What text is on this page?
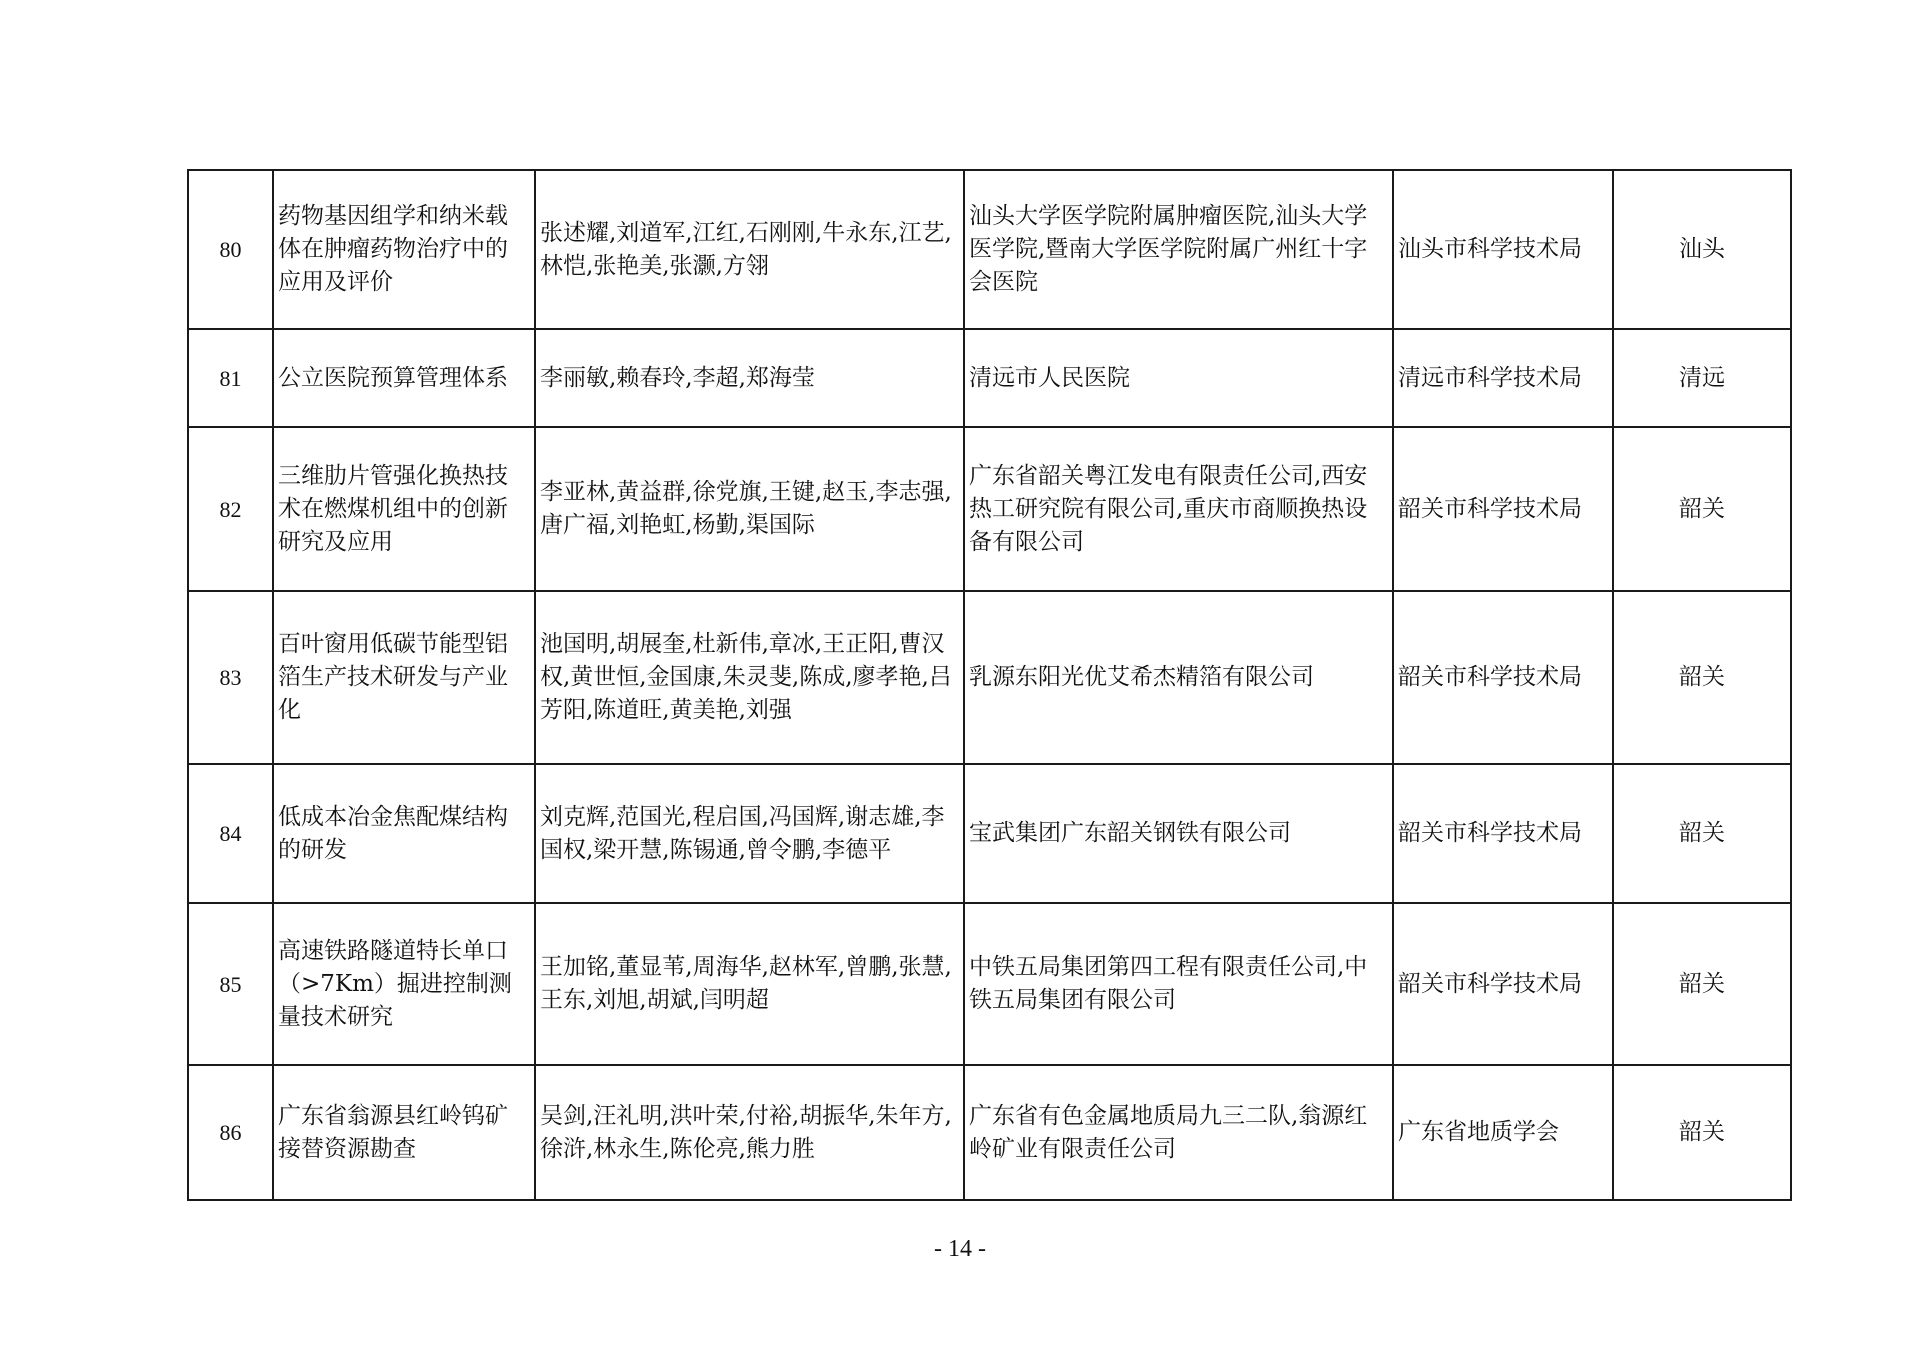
80	药物基因组学和纳米载体在肿瘤药物治疗中的应用及评价	张述耀,刘道军,江红,石刚刚,牛永东,江艺,林恺,张艳美,张灏,方翎	汕头大学医学院附属肿瘤医院,汕头大学医学院,暨南大学医学院附属广州红十字会医院	汕头市科学技术局	汕头
81	公立医院预算管理体系	李丽敏,赖春玲,李超,郑海莹	清远市人民医院	清远市科学技术局	清远
82	三维肋片管强化换热技术在燃煤机组中的创新研究及应用	李亚林,黄益群,徐党旗,王键,赵玉,李志强,唐广福,刘艳虹,杨勤,渠国际	广东省韶关粤江发电有限责任公司,西安热工研究院有限公司,重庆市商顺换热设备有限公司	韶关市科学技术局	韶关
83	百叶窗用低碳节能型铝箔生产技术研发与产业化	池国明,胡展奎,杜新伟,章冰,王正阳,曹汉权,黄世恒,金国康,朱灵斐,陈成,廖孝艳,吕芳阳,陈道旺,黄美艳,刘强	乳源东阳光优艾希杰精箔有限公司	韶关市科学技术局	韶关
84	低成本冶金焦配煤结构的研发	刘克辉,范国光,程启国,冯国辉,谢志雄,李国权,梁开慧,陈锡通,曾令鹏,李德平	宝武集团广东韶关钢铁有限公司	韶关市科学技术局	韶关
85	高速铁路隧道特长单口（>7Km）掘进控制测量技术研究	王加铭,董显苇,周海华,赵林军,曾鹏,张慧,王东,刘旭,胡斌,闫明超	中铁五局集团第四工程有限责任公司,中铁五局集团有限公司	韶关市科学技术局	韶关
86	广东省翁源县红岭钨矿接替资源勘查	吴剑,汪礼明,洪叶荣,付裕,胡振华,朱年方,徐浒,林永生,陈伦亮,熊力胜	广东省有色金属地质局九三二队,翁源红岭矿业有限责任公司	广东省地质学会	韶关
- 14 -
